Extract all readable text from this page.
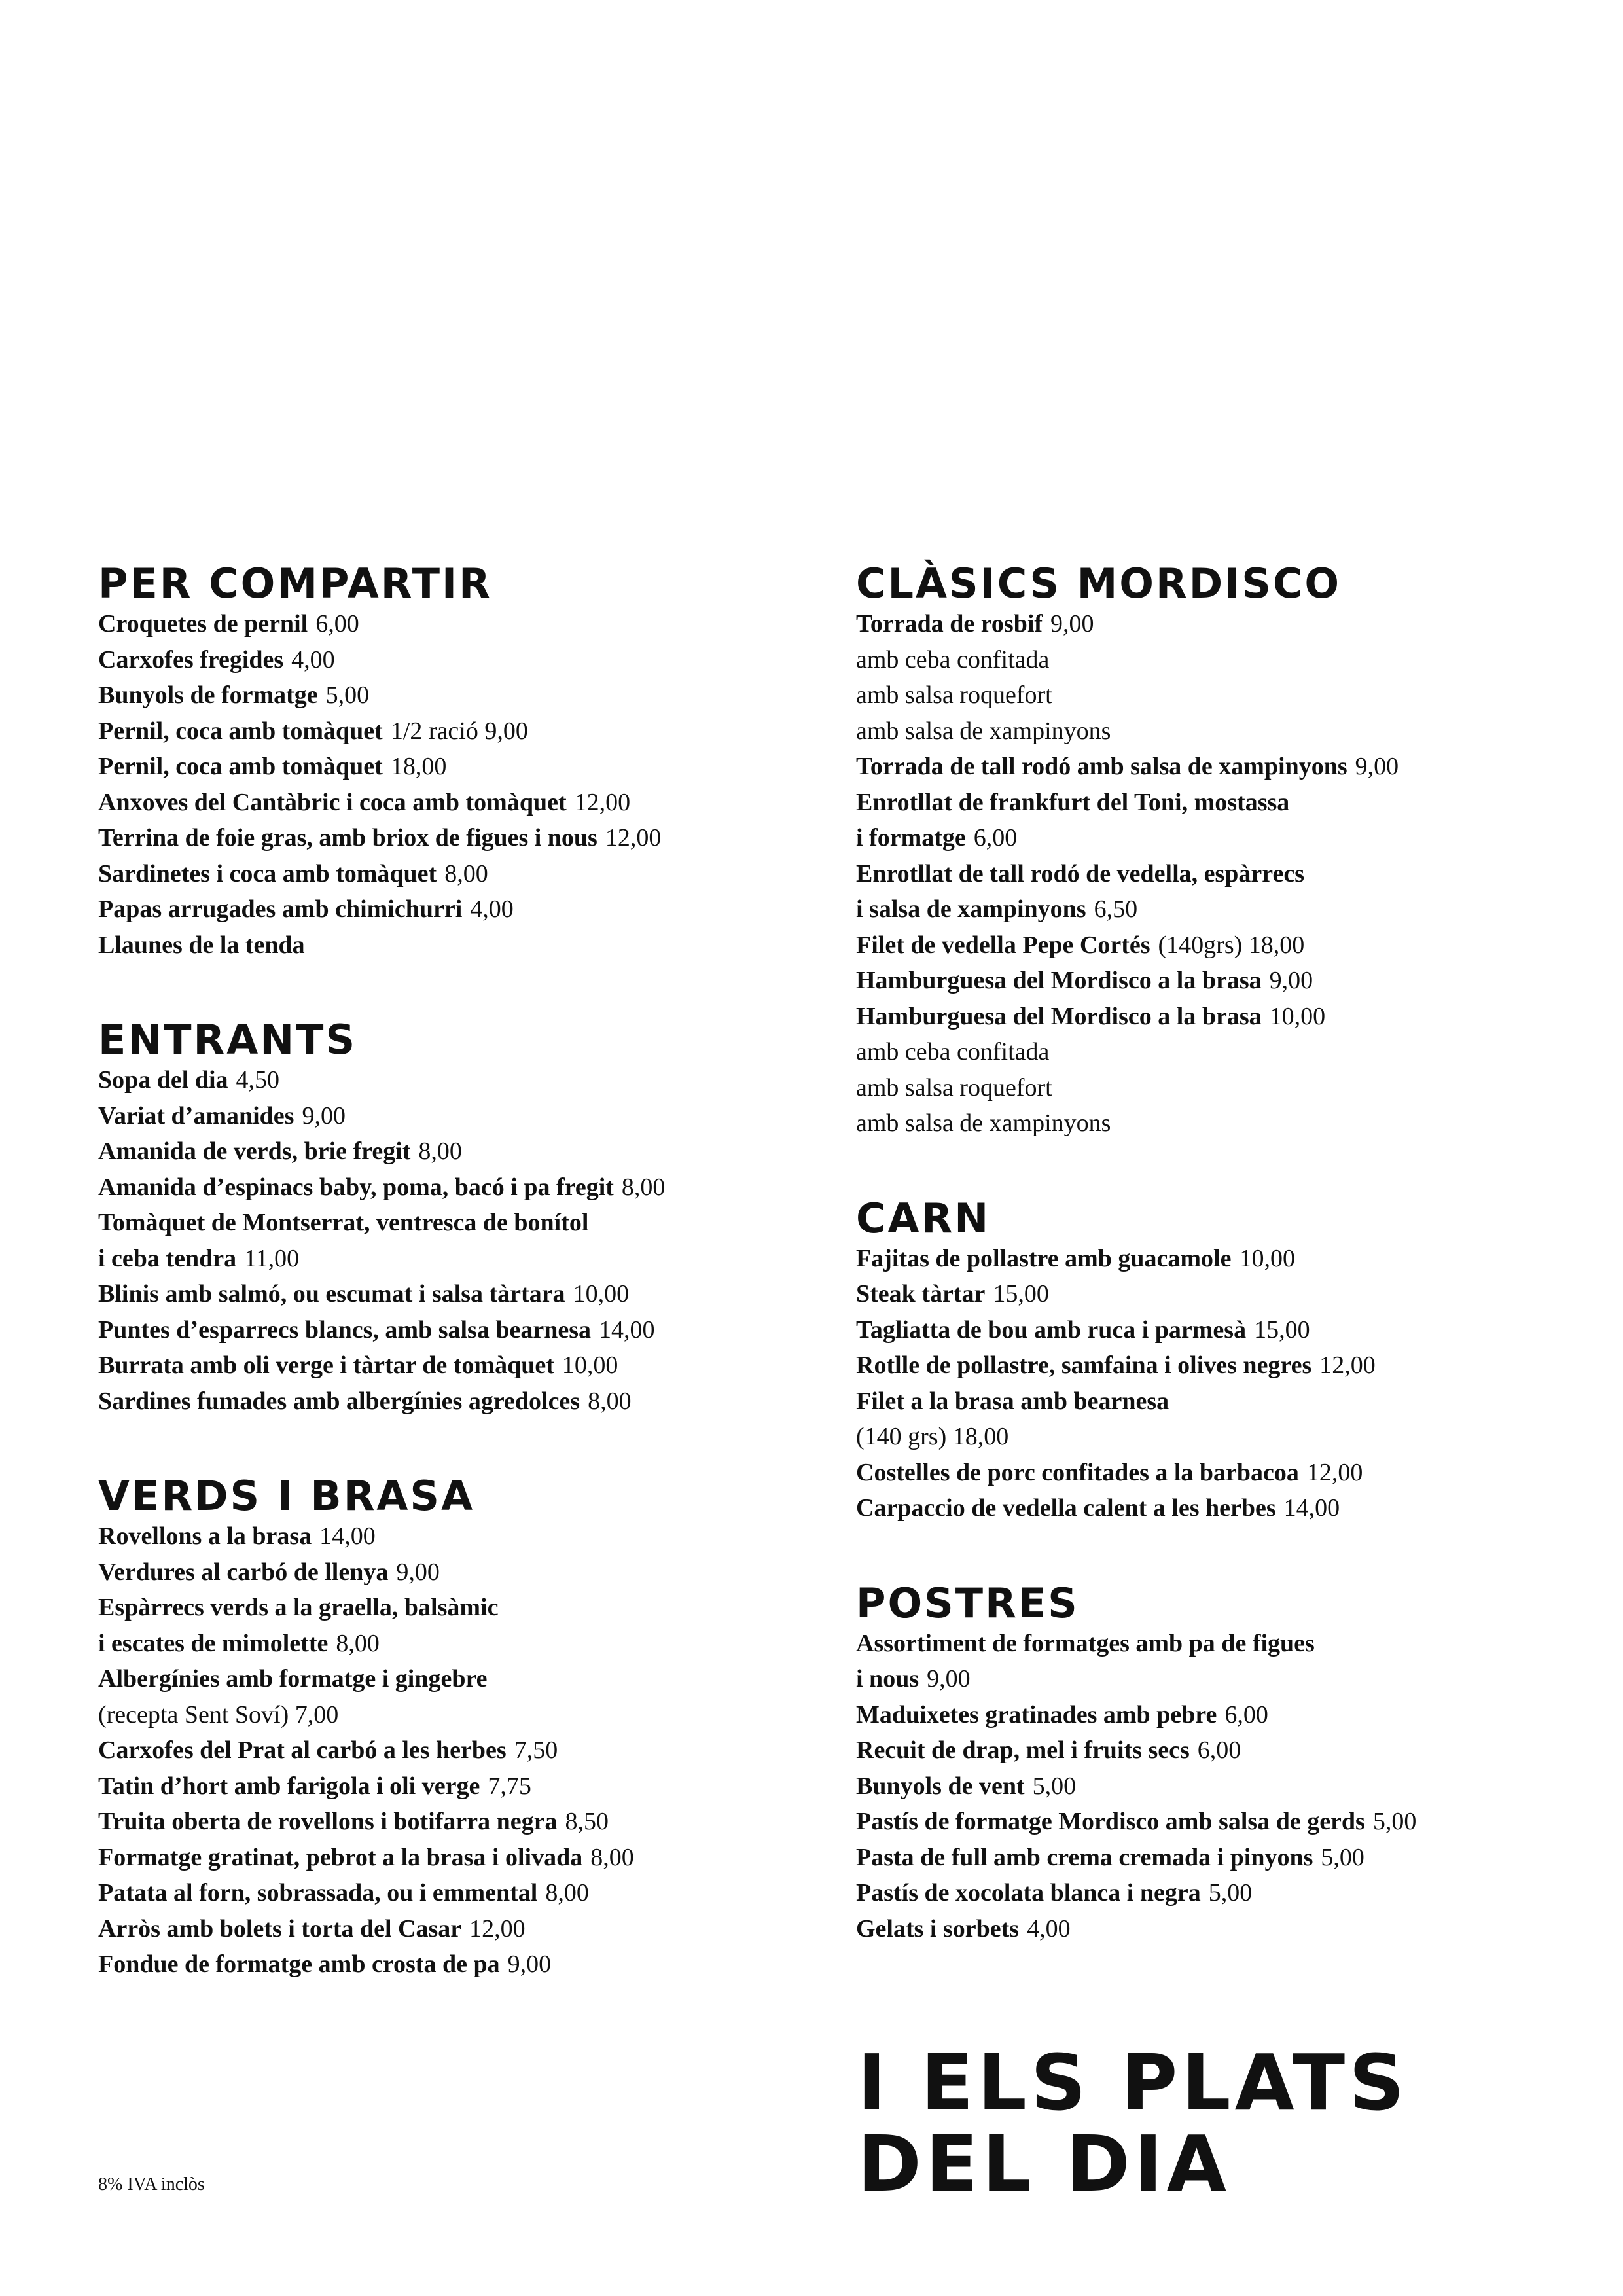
PER COMPARTIR
Croquetes de pernil 6,00
Carxofes fregides 4,00
Bunyols de formatge 5,00
Pernil, coca amb tomàquet 1/2 ració 9,00
Pernil, coca amb tomàquet 18,00
Anxoves del Cantàbric i coca amb tomàquet 12,00
Terrina de foie gras, amb briox de figues i nous 12,00
Sardinetes i coca amb tomàquet 8,00
Papas arrugades amb chimichurri 4,00
Llaunes de la tenda
ENTRANTS
Sopa del dia 4,50
Variat d’amanides 9,00
Amanida de verds, brie fregit 8,00
Amanida d’espinacs baby, poma, bacó i pa fregit 8,00
Tomàquet de Montserrat, ventresca de bonítol
i ceba tendra 11,00
Blinis amb salmó, ou escumat i salsa tàrtara 10,00
Puntes d’esparrecs blancs, amb salsa bearnesa 14,00
Burrata amb oli verge i tàrtar de tomàquet 10,00
Sardines fumades amb albergínies agredolces 8,00
VERDS I BRASA
Rovellons a la brasa 14,00
Verdures al carbó de llenya 9,00
Espàrrecs verds a la graella, balsàmic
i escates de mimolette 8,00
Albergínies amb formatge i gingebre
(recepta Sent Soví) 7,00
Carxofes del Prat al carbó a les herbes 7,50
Tatin d’hort amb farigola i oli verge 7,75
Truita oberta de rovellons i botifarra negra 8,50
Formatge gratinat, pebrot a la brasa i olivada 8,00
Patata al forn, sobrassada, ou i emmental 8,00
Arròs amb bolets i torta del Casar 12,00
Fondue de formatge amb crosta de pa 9,00
CLÀSICS MORDISCO
Torrada de rosbif 9,00
amb ceba confitada
amb salsa roquefort
amb salsa de xampinyons
Torrada de tall rodó amb salsa de xampinyons 9,00
Enrotllat de frankfurt del Toni, mostassa
i formatge 6,00
Enrotllat de tall rodó de vedella, espàrrecs
i salsa de xampinyons 6,50
Filet de vedella Pepe Cortés (140grs) 18,00
Hamburguesa del Mordisco a la brasa 9,00
Hamburguesa del Mordisco a la brasa 10,00
amb ceba confitada
amb salsa roquefort
amb salsa de xampinyons
CARN
Fajitas de pollastre amb guacamole 10,00
Steak tàrtar 15,00
Tagliatta de bou amb ruca i parmesà 15,00
Rotlle de pollastre, samfaina i olives negres 12,00
Filet a la brasa amb bearnesa
(140 grs) 18,00
Costelles de porc confitades a la barbacoa 12,00
Carpaccio de vedella calent a les herbes 14,00
POSTRES
Assortiment de formatges amb pa de figues
i nous 9,00
Maduixetes gratinades amb pebre 6,00
Recuit de drap, mel i fruits secs 6,00
Bunyols de vent 5,00
Pastís de formatge Mordisco amb salsa de gerds 5,00
Pasta de full amb crema cremada i pinyons 5,00
Pastís de xocolata blanca i negra 5,00
Gelats i sorbets 4,00
I ELS PLATS
DEL DIA
8% IVA inclòs
